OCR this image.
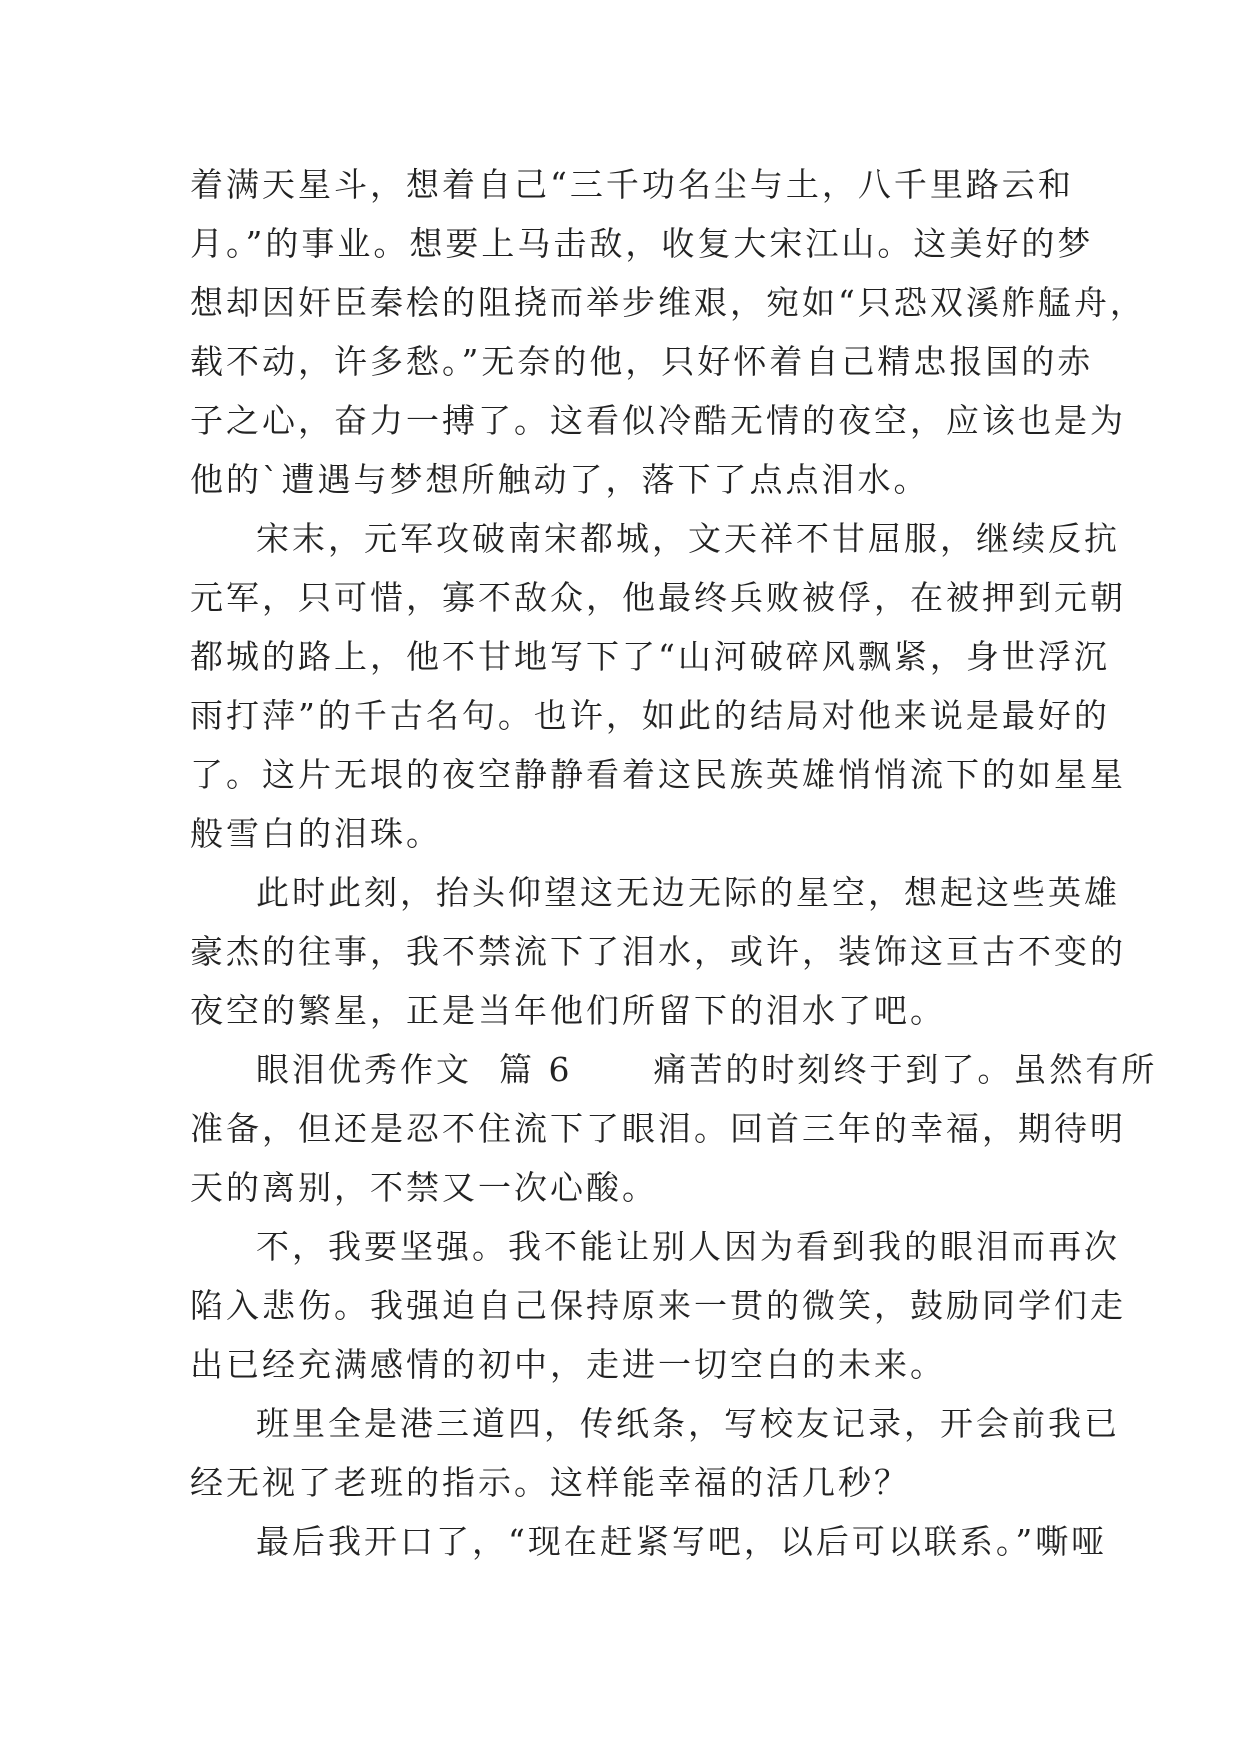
着满天星斗，想着自己“三千功名尘与土，八千里路云和
月。”的事业。想要上马击敌，收复大宋江山。这美好的梦
想却因奸臣秦桧的阻挠而举步维艰，宛如“只恐双溪舴艋舟，
载不动，许多愁。”无奈的他，只好怀着自己精忠报国的赤
子之心，奋力一搏了。这看似冷酷无情的夜空，应该也是为
他的`遭遇与梦想所触动了，落下了点点泪水。

宋末，元军攻破南宋都城，文天祥不甘屈服，继续反抗
元军，只可惜，寡不敌众，他最终兵败被俘，在被押到元朝
都城的路上，他不甘地写下了“山河破碎风飘紧，身世浮沉
雨打萍”的千古名句。也许，如此的结局对他来说是最好的
了。这片无垠的夜空静静看着这民族英雄悄悄流下的如星星
般雪白的泪珠。

此时此刻，抬头仰望这无边无际的星空，想起这些英雄
豪杰的往事，我不禁流下了泪水，或许，装饰这亘古不变的
夜空的繁星，正是当年他们所留下的泪水了吧。

眼泪优秀作文  篇 6      痛苦的时刻终于到了。虽然有所
准备，但还是忍不住流下了眼泪。回首三年的幸福，期待明
天的离别，不禁又一次心酸。

不，我要坚强。我不能让别人因为看到我的眼泪而再次
陷入悲伤。我强迫自己保持原来一贯的微笑，鼓励同学们走
出已经充满感情的初中，走进一切空白的未来。

班里全是港三道四，传纸条，写校友记录，开会前我已
经无视了老班的指示。这样能幸福的活几秒？

最后我开口了，“现在赶紧写吧，以后可以联系。”嘶哑
